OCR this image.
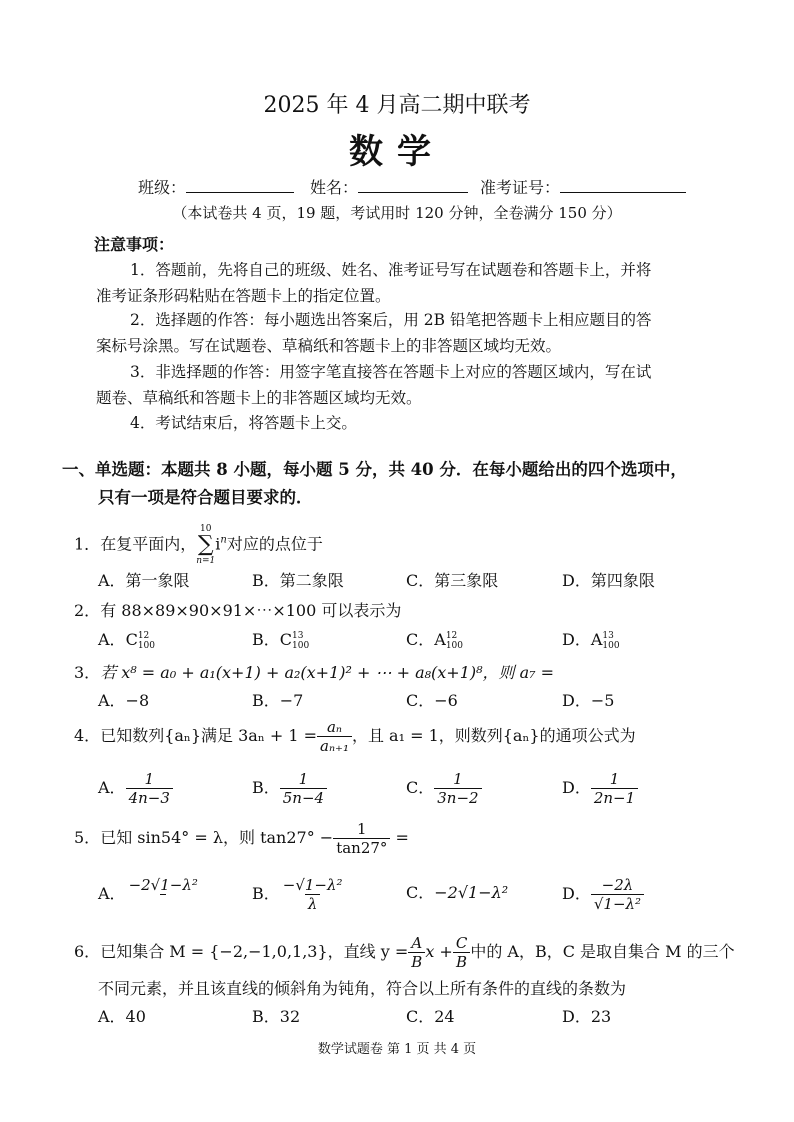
2025 年 4 月高二期中联考
数学
班级：	姓名：	准考证号：
（本试卷共 4 页，19 题，考试用时 120 分钟，全卷满分 150 分）
注意事项：
1．答题前，先将自己的班级、姓名、准考证号写在试题卷和答题卡上，并将
准考证条形码粘贴在答题卡上的指定位置。
2．选择题的作答：每小题选出答案后，用 2B 铅笔把答题卡上相应题目的答
案标号涂黑。写在试题卷、草稿纸和答题卡上的非答题区域均无效。
3．非选择题的作答：用签字笔直接答在答题卡上对应的答题区域内，写在试
题卷、草稿纸和答题卡上的非答题区域均无效。
4．考试结束后，将答题卡上交。
一、单选题：本题共 8 小题，每小题 5 分，共 40 分．在每小题给出的四个选项中，
只有一项是符合题目要求的．
1．在复平面内，
10
∑
n=1
$i^n$对应的点位于
A．第一象限	B．第二象限	C．第三象限	D．第四象限
2．有 88×89×90×91×⋯×100 可以表示为
A．C 12
100	B．C 13
100	C．A 12
100	D．A 13
100
3．若 x⁸ = a₀ + a₁(x+1) + a₂(x+1)² + ⋯ + a₈(x+1)⁸，则 a₇ =
A．−8	B．−7	C．−6	D．−5
4．已知数列{aₙ}满足 $3a_n + 1 = \frac{\text{aₙ}}{\text{aₙ₊₁}}$ ，且 a₁ = 1，则数列{aₙ}的通项公式为
A． $\frac{1}{4n-3}$	B． $\frac{1}{5n-4}$	C． $\frac{1}{3n-2}$	D． $\frac{1}{2n-1}$
5．已知 sin54° = λ，则 $\tan 27^\circ - \frac{1}{\tan 27^\circ}$ =
A． −2√1−λ²	B． $\frac{\text{−√1−λ²}}{\lambda}$	C．−2√1−λ²	D． $\frac{-2\lambda}{\text{√1−λ²}}$
6．已知集合 M = {−2,−1,0,1,3}，直线 $y = \frac{A}{B}$ $x + \frac{C}{B}$ 中的 A，B，C 是取自集合 M 的三个
不同元素，并且该直线的倾斜角为钝角，符合以上所有条件的直线的条数为
A．40	B．32	C．24	D．23
数学试题卷 第 1 页 共 4 页
